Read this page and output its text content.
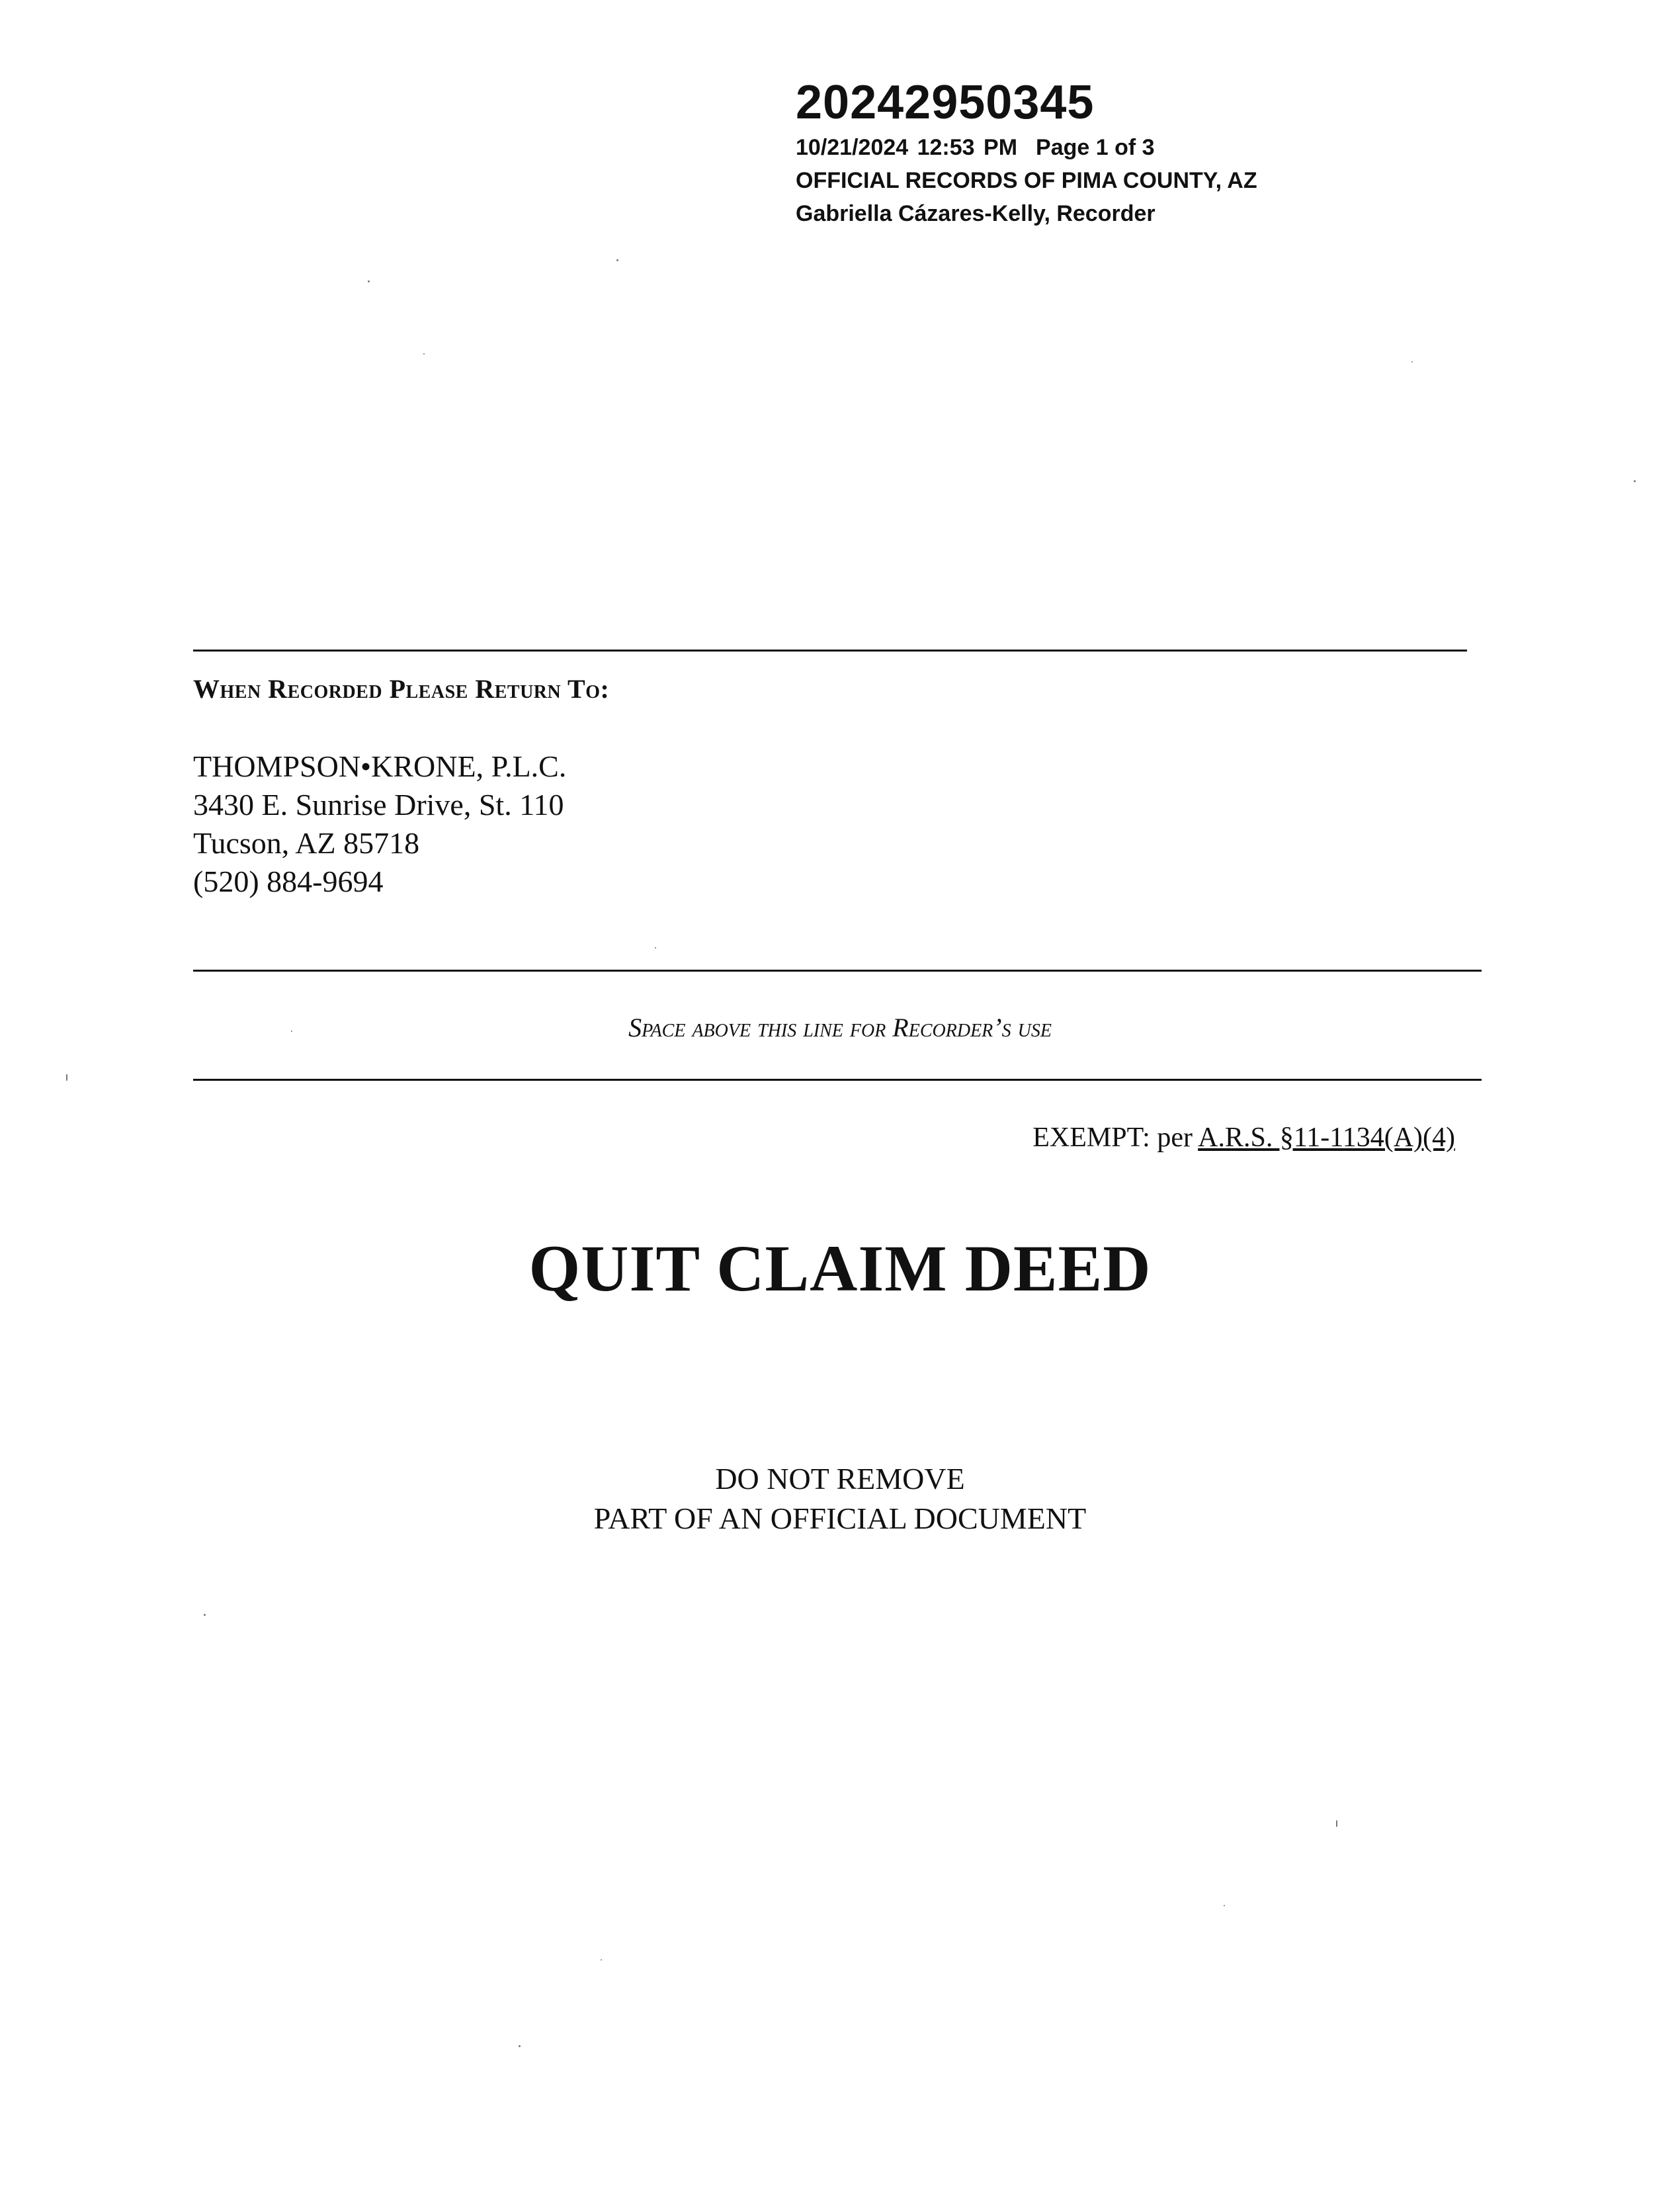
20242950345
10/21/2024 12:53 PM Page 1 of 3
OFFICIAL RECORDS OF PIMA COUNTY, AZ
Gabriella Cázares-Kelly, Recorder
When Recorded Please Return To:
THOMPSON•KRONE, P.L.C.
3430 E. Sunrise Drive, St. 110
Tucson, AZ 85718
(520) 884-9694
Space above this line for Recorder’s use
EXEMPT: per A.R.S. §11-1134(A)(4)
QUIT CLAIM DEED
DO NOT REMOVE
PART OF AN OFFICIAL DOCUMENT
